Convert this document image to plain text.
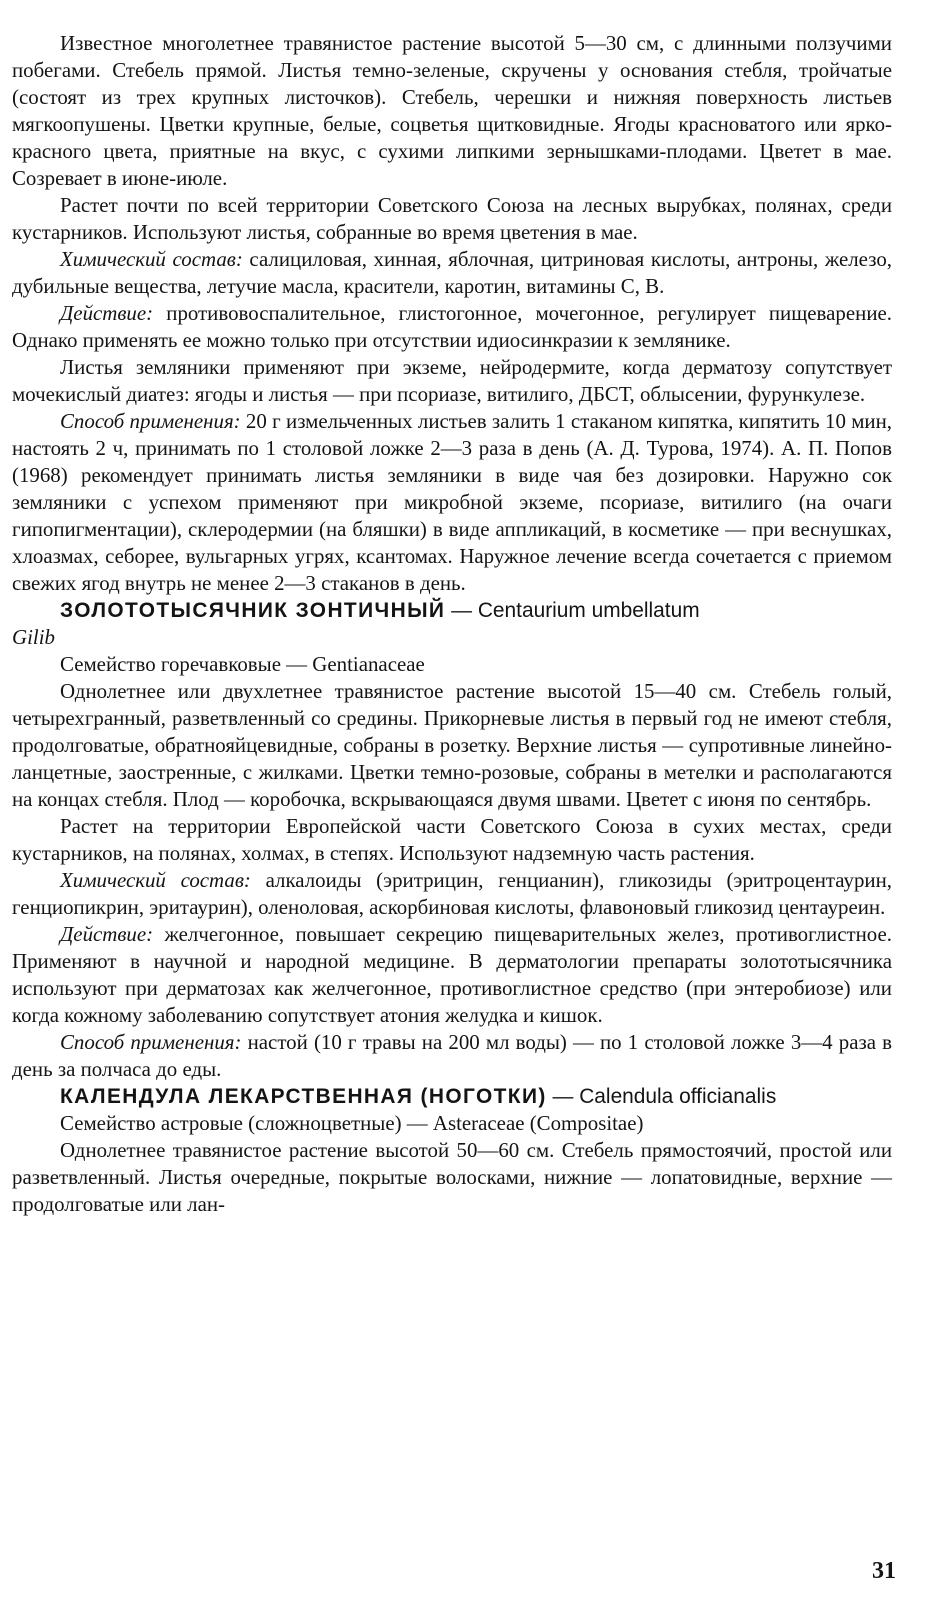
Известное многолетнее травянистое растение высотой 5—30 см, с длинными ползучими побегами. Стебель прямой. Листья темно-зеленые, скручены у основания стебля, тройчатые (состоят из трех крупных листочков). Стебель, черешки и нижняя поверхность листьев мягкоопушены. Цветки крупные, белые, соцветья щитковидные. Ягоды красноватого или ярко-красного цвета, приятные на вкус, с сухими липкими зернышками-плодами. Цветет в мае. Созревает в июне-июле.

Растет почти по всей территории Советского Союза на лесных вырубках, полянах, среди кустарников. Используют листья, собранные во время цветения в мае.

Химический состав: салициловая, хинная, яблочная, цитриновая кислоты, антроны, железо, дубильные вещества, летучие масла, красители, каротин, витамины С, В.

Действие: противовоспалительное, глистогонное, мочегонное, регулирует пищеварение. Однако применять ее можно только при отсутствии идиосинкразии к землянике.

Листья земляники применяют при экземе, нейродермите, когда дерматозу сопутствует мочекислый диатез: ягоды и листья — при псориазе, витилиго, ДБСТ, облысении, фурункулезе.

Способ применения: 20 г измельченных листьев залить 1 стаканом кипятка, кипятить 10 мин, настоять 2 ч, принимать по 1 столовой ложке 2—3 раза в день (А. Д. Турова, 1974). А. П. Попов (1968) рекомендует принимать листья земляники в виде чая без дозировки. Наружно сок земляники с успехом применяют при микробной экземе, псориазе, витилиго (на очаги гипопигментации), склеродермии (на бляшки) в виде аппликаций, в косметике — при веснушках, хлоазмах, себорее, вульгарных угрях, ксантомах. Наружное лечение всегда сочетается с приемом свежих ягод внутрь не менее 2—3 стаканов в день.

ЗОЛОТОТЫСЯЧНИК ЗОНТИЧНЫЙ — Centaurium umbellatum

Gilib

Семейство горечавковые — Gentianaceae

Однолетнее или двухлетнее травянистое растение высотой 15—40 см. Стебель голый, четырехгранный, разветвленный со средины. Прикорневые листья в первый год не имеют стебля, продолговатые, обратнояйцевидные, собраны в розетку. Верхние листья — супротивные линейно-ланцетные, заостренные, с жилками. Цветки темно-розовые, собраны в метелки и располагаются на концах стебля. Плод — коробочка, вскрывающаяся двумя швами. Цветет с июня по сентябрь.

Растет на территории Европейской части Советского Союза в сухих местах, среди кустарников, на полянах, холмах, в степях. Используют надземную часть растения.

Химический состав: алкалоиды (эритрицин, генцианин), гликозиды (эритроцентаурин, генциопикрин, эритаурин), оленоловая, аскорбиновая кислоты, флавоновый гликозид центауреин.

Действие: желчегонное, повышает секрецию пищеварительных желез, противоглистное. Применяют в научной и народной медицине. В дерматологии препараты золототысячника используют при дерматозах как желчегонное, противоглистное средство (при энтеробиозе) или когда кожному заболеванию сопутствует атония желудка и кишок.

Способ применения: настой (10 г травы на 200 мл воды) — по 1 столовой ложке 3—4 раза в день за полчаса до еды.

КАЛЕНДУЛА ЛЕКАРСТВЕННАЯ (НОГОТКИ) — Calendula officianalis

Семейство астровые (сложноцветные) — Asteraceae (Compositae)

Однолетнее травянистое растение высотой 50—60 см. Стебель прямостоячий, простой или разветвленный. Листья очередные, покрытые волосками, нижние — лопатовидные, верхние — продолговатые или лан-

31
